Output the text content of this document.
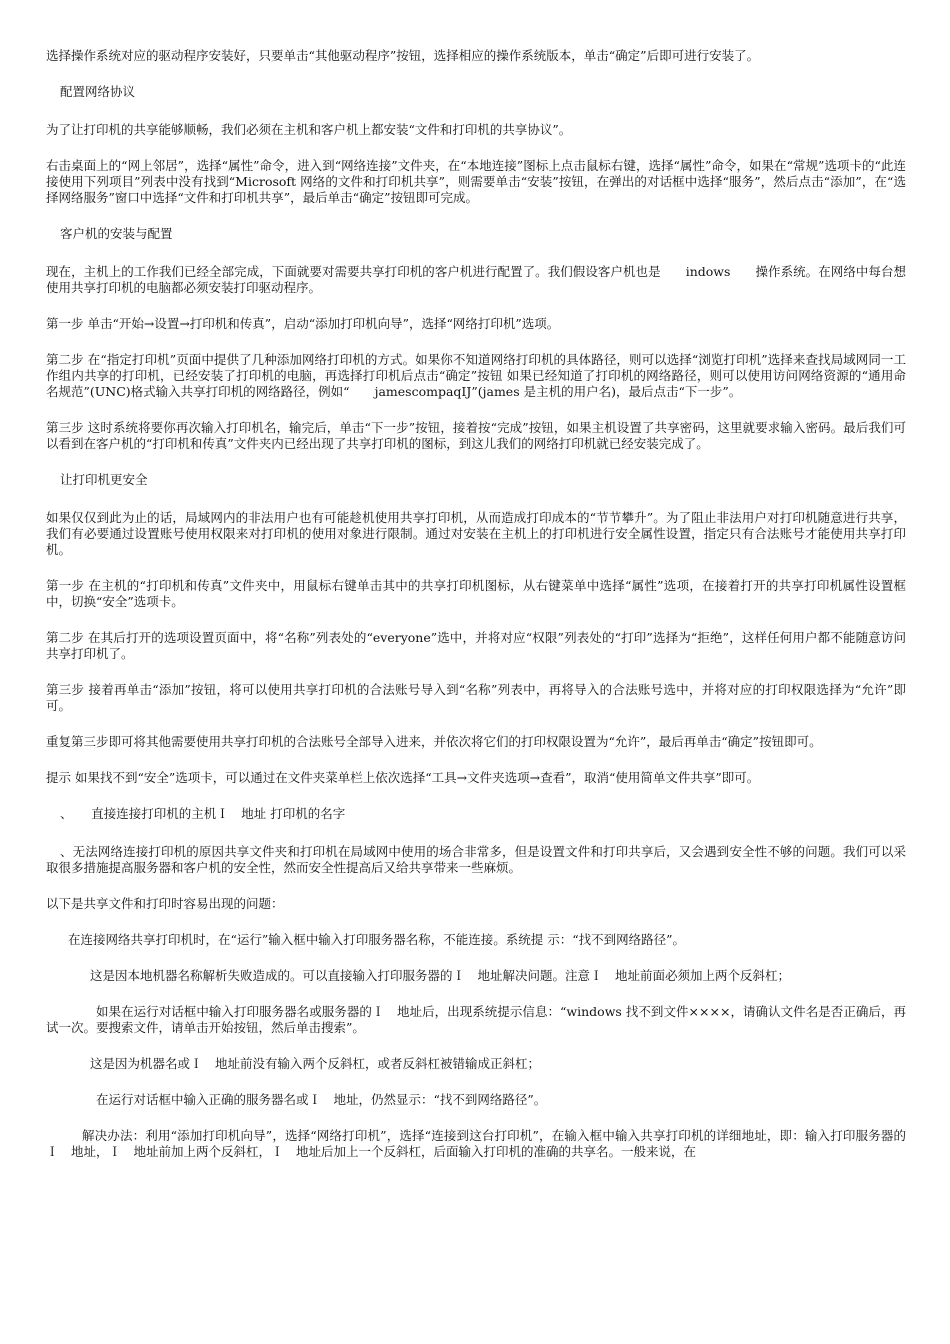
选择操作系统对应的驱动程序安装好，只要单击“其他驱动程序”按钮，选择相应的操作系统版本，单击“确定”后即可进行安装了。

配置网络协议

为了让打印机的共享能够顺畅，我们必须在主机和客户机上都安装“文件和打印机的共享协议”。

右击桌面上的“网上邻居”，选择“属性”命令，进入到“网络连接”文件夹，在“本地连接”图标上点击鼠标右键，选择“属性”命令，如果在“常规”选项卡的“此连接使用下列项目”列表中没有找到“Microsoft 网络的文件和打印机共享”，则需要单击“安装”按钮，在弹出的对话框中选择“服务”，然后点击“添加”，在“选择网络服务”窗口中选择“文件和打印机共享”，最后单击“确定”按钮即可完成。

客户机的安装与配置

现在，主机上的工作我们已经全部完成，下面就要对需要共享打印机的客户机进行配置了。我们假设客户机也是　　indows　　操作系统。在网络中每台想使用共享打印机的电脑都必须安装打印驱动程序。

第一步 单击“开始→设置→打印机和传真”，启动“添加打印机向导”，选择“网络打印机”选项。

第二步 在“指定打印机”页面中提供了几种添加网络打印机的方式。如果你不知道网络打印机的具体路径，则可以选择“浏览打印机”选择来查找局域网同一工作组内共享的打印机，已经安装了打印机的电脑，再选择打印机后点击“确定”按钮 如果已经知道了打印机的网络路径，则可以使用访问网络资源的“通用命名规范”(UNC)格式输入共享打印机的网络路径，例如“　　jamescompaqIJ”(james 是主机的用户名)，最后点击“下一步”。

第三步 这时系统将要你再次输入打印机名，输完后，单击“下一步”按钮，接着按“完成”按钮，如果主机设置了共享密码，这里就要求输入密码。最后我们可以看到在客户机的“打印机和传真”文件夹内已经出现了共享打印机的图标，到这儿我们的网络打印机就已经安装完成了。

让打印机更安全

如果仅仅到此为止的话，局域网内的非法用户也有可能趁机使用共享打印机，从而造成打印成本的“节节攀升”。为了阻止非法用户对打印机随意进行共享，我们有必要通过设置账号使用权限来对打印机的使用对象进行限制。通过对安装在主机上的打印机进行安全属性设置，指定只有合法账号才能使用共享打印机。

第一步 在主机的“打印机和传真”文件夹中，用鼠标右键单击其中的共享打印机图标，从右键菜单中选择“属性”选项，在接着打开的共享打印机属性设置框中，切换“安全”选项卡。

第二步 在其后打开的选项设置页面中，将“名称”列表处的“everyone”选中，并将对应“权限”列表处的“打印”选择为“拒绝”，这样任何用户都不能随意访问共享打印机了。

第三步 接着再单击“添加”按钮，将可以使用共享打印机的合法账号导入到“名称”列表中，再将导入的合法账号选中，并将对应的打印权限选择为“允许”即可。

重复第三步即可将其他需要使用共享打印机的合法账号全部导入进来，并依次将它们的打印权限设置为“允许”，最后再单击“确定”按钮即可。

提示 如果找不到“安全”选项卡，可以通过在文件夹菜单栏上依次选择“工具→文件夹选项→查看”，取消“使用简单文件共享”即可。

、　　直接连接打印机的主机Ｉ　地址 打印机的名字

、无法网络连接打印机的原因共享文件夹和打印机在局域网中使用的场合非常多，但是设置文件和打印共享后，又会遇到安全性不够的问题。我们可以采取很多措施提高服务器和客户机的安全性，然而安全性提高后又给共享带来一些麻烦。

以下是共享文件和打印时容易出现的问题：

在连接网络共享打印机时，在“运行”输入框中输入打印服务器名称，不能连接。系统提 示：“找不到网络路径”。

这是因本地机器名称解析失败造成的。可以直接输入打印服务器的Ｉ　地址解决问题。注意Ｉ　地址前面必须加上两个反斜杠；

如果在运行对话框中输入打印服务器名或服务器的Ｉ　地址后，出现系统提示信息：“windows 找不到文件××××，请确认文件名是否正确后，再试一次。要搜索文件，请单击开始按钮，然后单击搜索”。

这是因为机器名或Ｉ　地址前没有输入两个反斜杠，或者反斜杠被错输成正斜杠；

在运行对话框中输入正确的服务器名或Ｉ　地址，仍然显示：“找不到网络路径”。

解决办法：利用“添加打印机向导”，选择“网络打印机”，选择“连接到这台打印机”，在输入框中输入共享打印机的详细地址，即：输入打印服务器的Ｉ　地址，Ｉ　地址前加上两个反斜杠，Ｉ　地址后加上一个反斜杠，后面输入打印机的准确的共享名。一般来说，在
